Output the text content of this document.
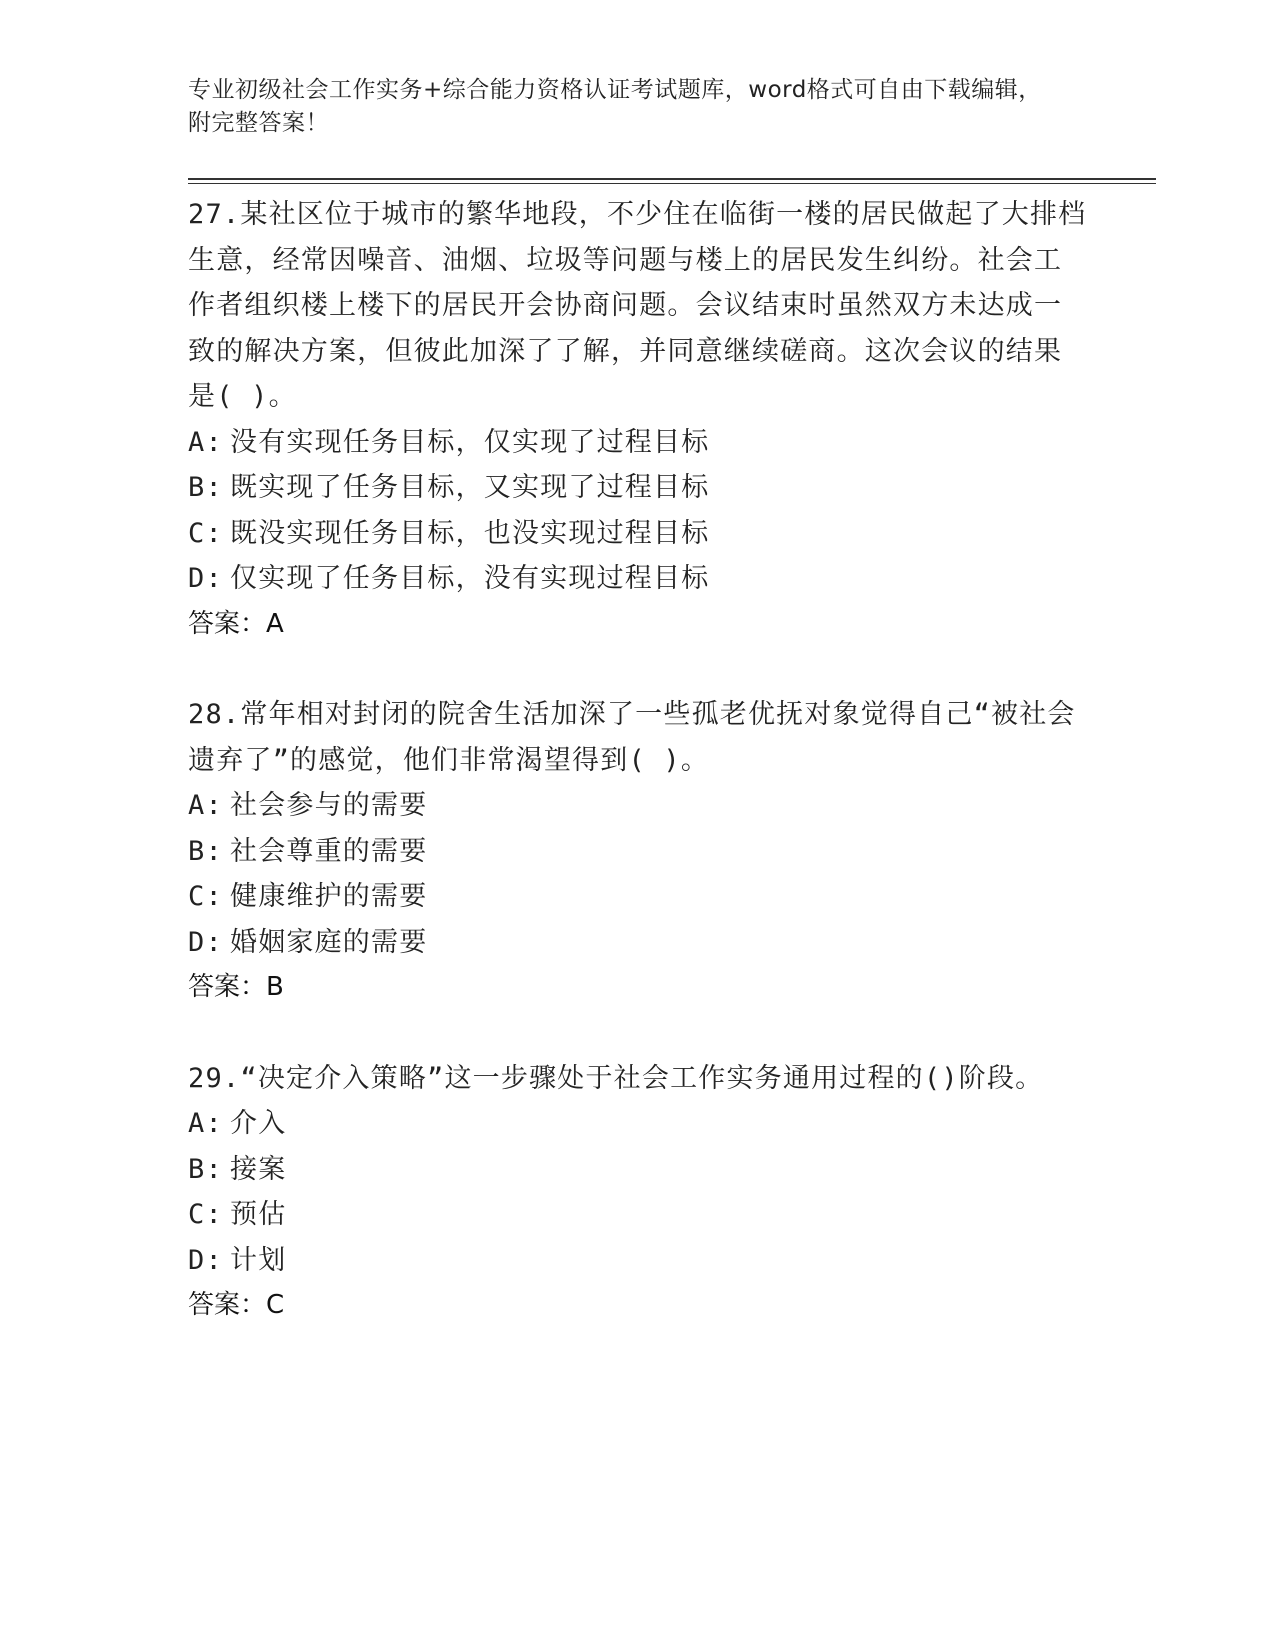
专业初级社会工作实务+综合能力资格认证考试题库，word格式可自由下载编辑，
附完整答案！

27.某社区位于城市的繁华地段，不少住在临街一楼的居民做起了大排档生意，经常因噪音、油烟、垃圾等问题与楼上的居民发生纠纷。社会工作者组织楼上楼下的居民开会协商问题。会议结束时虽然双方未达成一致的解决方案，但彼此加深了了解，并同意继续磋商。这次会议的结果是( )。

A: 没有实现任务目标，仅实现了过程目标
B: 既实现了任务目标，又实现了过程目标
C: 既没实现任务目标，也没实现过程目标
D: 仅实现了任务目标，没有实现过程目标

答案：A

28.常年相对封闭的院舍生活加深了一些孤老优抚对象觉得自己“被社会遗弃了”的感觉，他们非常渴望得到( )。

A: 社会参与的需要
B: 社会尊重的需要
C: 健康维护的需要
D: 婚姻家庭的需要

答案：B

29.“决定介入策略”这一步骤处于社会工作实务通用过程的()阶段。

A: 介入
B: 接案
C: 预估
D: 计划

答案：C
